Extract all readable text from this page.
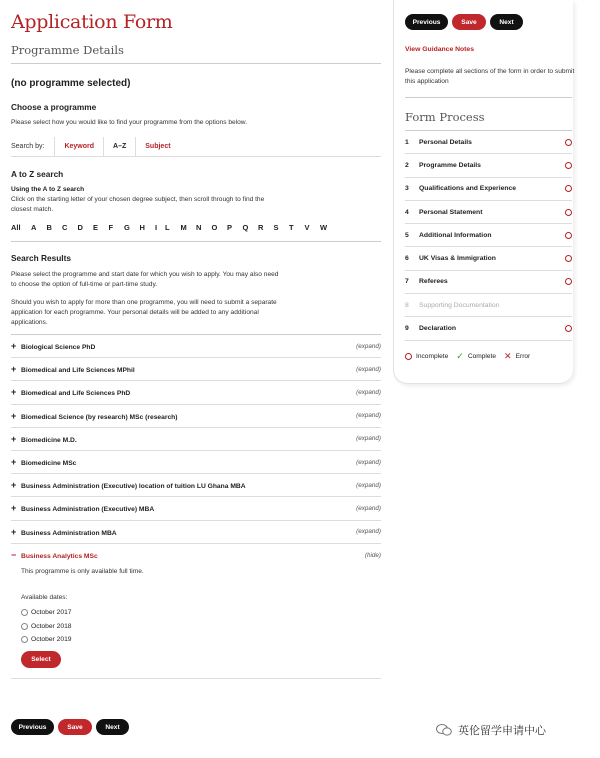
Application Form
Programme Details
(no programme selected)
Choose a programme
Please select how you would like to find your programme from the options below.
Search by:	Keyword	A–Z	Subject
A to Z search
Using the A to Z search
Click on the starting letter of your chosen degree subject, then scroll through to find the closest match.
All	A	B	C	D	E	F	G	H	I	L	M	N	O	P	Q	R	S	T	V	W
Search Results
Please select the programme and start date for which you wish to apply. You may also need to choose the option of full-time or part-time study.
Should you wish to apply for more than one programme, you will need to submit a separate application for each programme. Your personal details will be added to any additional applications.
+ Biological Science PhD	(expand)
+ Biomedical and Life Sciences MPhil	(expand)
+ Biomedical and Life Sciences PhD	(expand)
+ Biomedical Science (by research) MSc (research)	(expand)
+ Biomedicine M.D.	(expand)
+ Biomedicine MSc	(expand)
+ Business Administration (Executive) location of tuition LU Ghana MBA	(expand)
+ Business Administration (Executive) MBA	(expand)
+ Business Administration MBA	(expand)
− Business Analytics MSc	(hide)
This programme is only available full time.
Available dates:
October 2017
October 2018
October 2019
Select
Previous	Save	Next
Previous	Save	Next
View Guidance Notes
Please complete all sections of the form in order to submit this application
Form Process
1	Personal Details
2	Programme Details
3	Qualifications and Experience
4	Personal Statement
5	Additional Information
6	UK Visas & Immigration
7	Referees
8	Supporting Documentation
9	Declaration
Incomplete ✓ Complete ✕ Error
英伦留学申请中心
